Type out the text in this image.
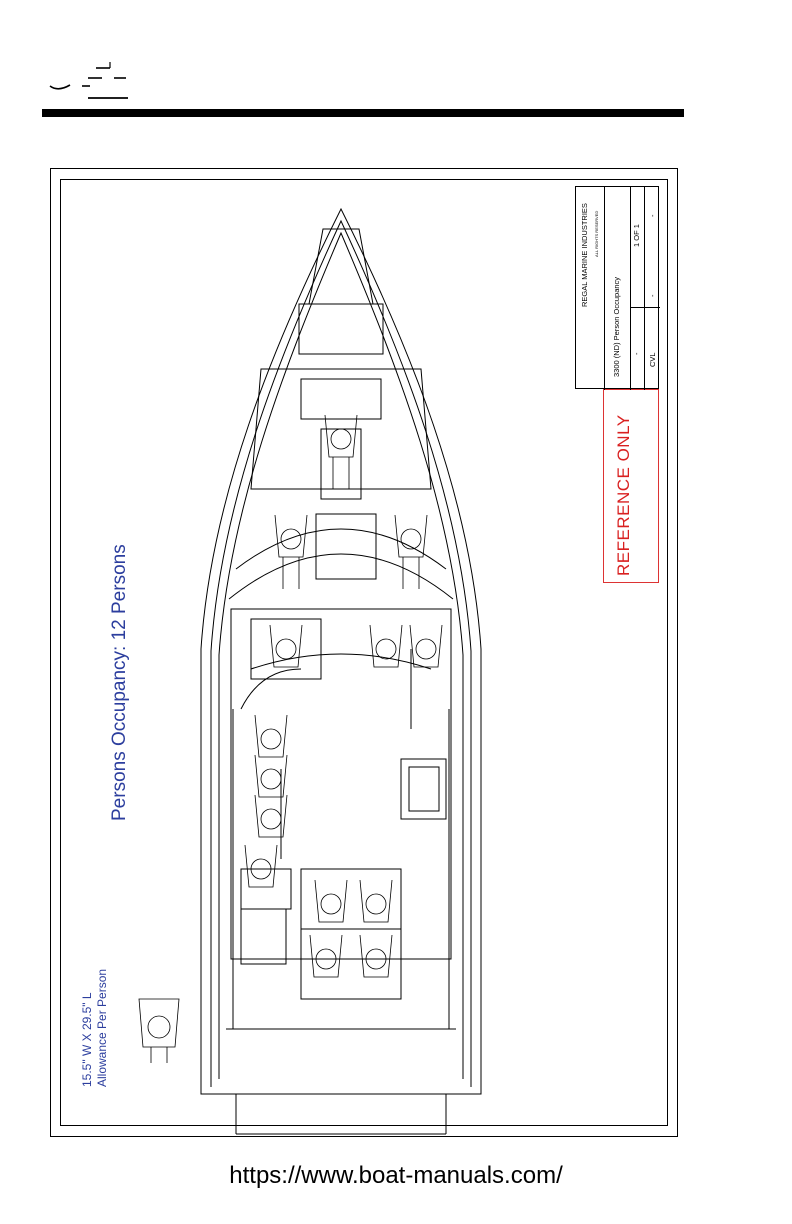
Persons Occupancy: 12 Persons
15.5" W X 29.5" L Allowance Per Person
REFERENCE ONLY
REGAL MARINE INDUSTRIES ALL RIGHTS RESERVED
3300 (ND) Person Occupancy
1 OF 1
CVL
-
-
-
https://www.boat-manuals.com/
